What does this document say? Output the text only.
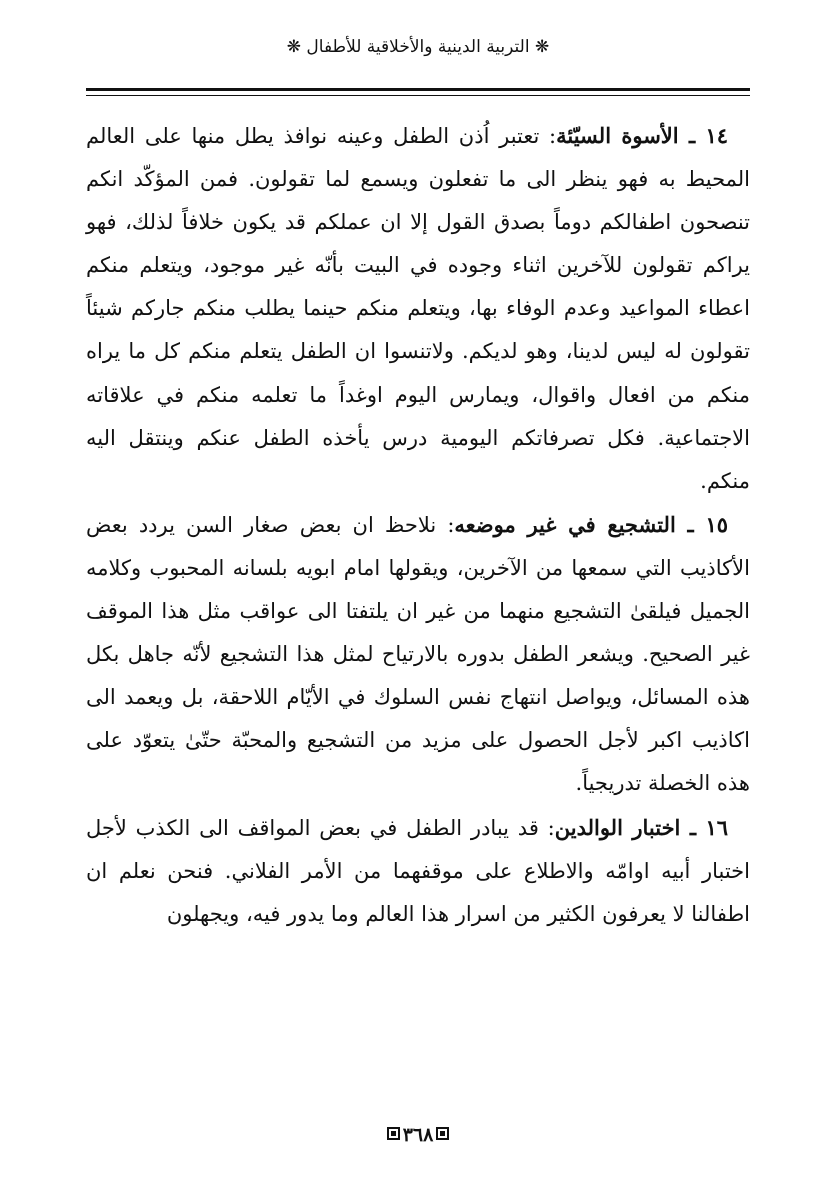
❋ التربية الدينية والأخلاقية للأطفال ❋

١٤ ـ الأسوة السيّئة: تعتبر اُذن الطفل وعينه نوافذ يطل منها على العالم المحيط به فهو ينظر الى ما تفعلون ويسمع لما تقولون. فمن المؤكّد انكم تنصحون اطفالكم دوماً بصدق القول إلا ان عملكم قد يكون خلافاً لذلك، فهو يراكم تقولون للآخرين اثناء وجوده في البيت بأنّه غير موجود، ويتعلم منكم اعطاء المواعيد وعدم الوفاء بها، ويتعلم منكم حينما يطلب منكم جاركم شيئاً تقولون له ليس لدينا، وهو لديكم. ولاتنسوا ان الطفل يتعلم منكم كل ما يراه منكم من افعال واقوال، ويمارس اليوم اوغداً ما تعلمه منكم في علاقاته الاجتماعية. فكل تصرفاتكم اليومية درس يأخذه الطفل عنكم وينتقل اليه منكم.

١٥ ـ التشجيع في غير موضعه: نلاحظ ان بعض صغار السن يردد بعض الأكاذيب التي سمعها من الآخرين، ويقولها امام ابويه بلسانه المحبوب وكلامه الجميل فيلقىٰ التشجيع منهما من غير ان يلتفتا الى عواقب مثل هذا الموقف غير الصحيح. ويشعر الطفل بدوره بالارتياح لمثل هذا التشجيع لأنّه جاهل بكل هذه المسائل، ويواصل انتهاج نفس السلوك في الأيّام اللاحقة، بل ويعمد الى اكاذيب اكبر لأجل الحصول على مزيد من التشجيع والمحبّة حتّىٰ يتعوّد على هذه الخصلة تدريجياً.

١٦ ـ اختبار الوالدين: قد يبادر الطفل في بعض المواقف الى الكذب لأجل اختبار أبيه اوامّه والاطلاع على موقفهما من الأمر الفلاني. فنحن نعلم ان اطفالنا لا يعرفون الكثير من اسرار هذا العالم وما يدور فيه، ويجهلون

٣٦٨
